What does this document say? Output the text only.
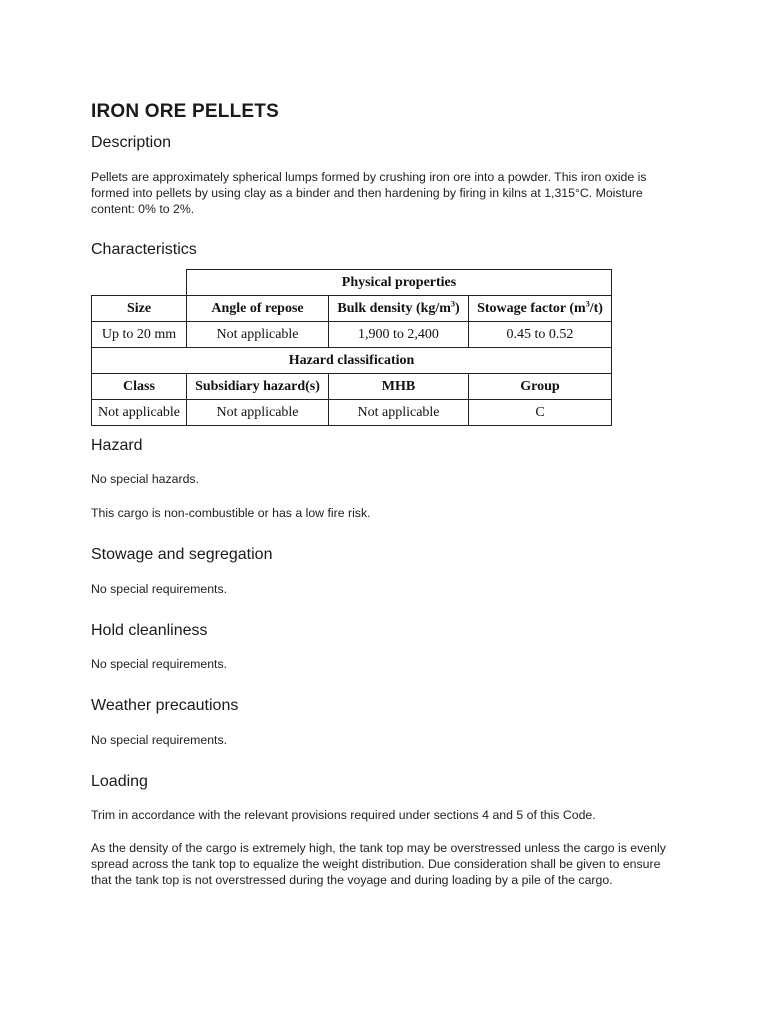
IRON ORE PELLETS
Description

Pellets are approximately spherical lumps formed by crushing iron ore into a powder. This iron oxide is formed into pellets by using clay as a binder and then hardening by firing in kilns at 1,315°C. Moisture content: 0% to 2%.

Characteristics
	Physical properties		
Size	Angle of repose	Bulk density $(kg/m^3)$	Stowage factor $(m^3/t)$
Up to 20 mm	Not applicable	1,900 to 2,400	0.45 to 0.52
Hazard classification			
Class	Subsidiary hazard(s)	MHB	Group
Not applicable	Not applicable	Not applicable	C
Hazard

No special hazards.

This cargo is non-combustible or has a low fire risk.

Stowage and segregation

No special requirements.

Hold cleanliness

No special requirements.

Weather precautions

No special requirements.

Loading

Trim in accordance with the relevant provisions required under sections 4 and 5 of this Code.

As the density of the cargo is extremely high, the tank top may be overstressed unless the cargo is evenly spread across the tank top to equalize the weight distribution. Due consideration shall be given to ensure that the tank top is not overstressed during the voyage and during loading by a pile of the cargo.
